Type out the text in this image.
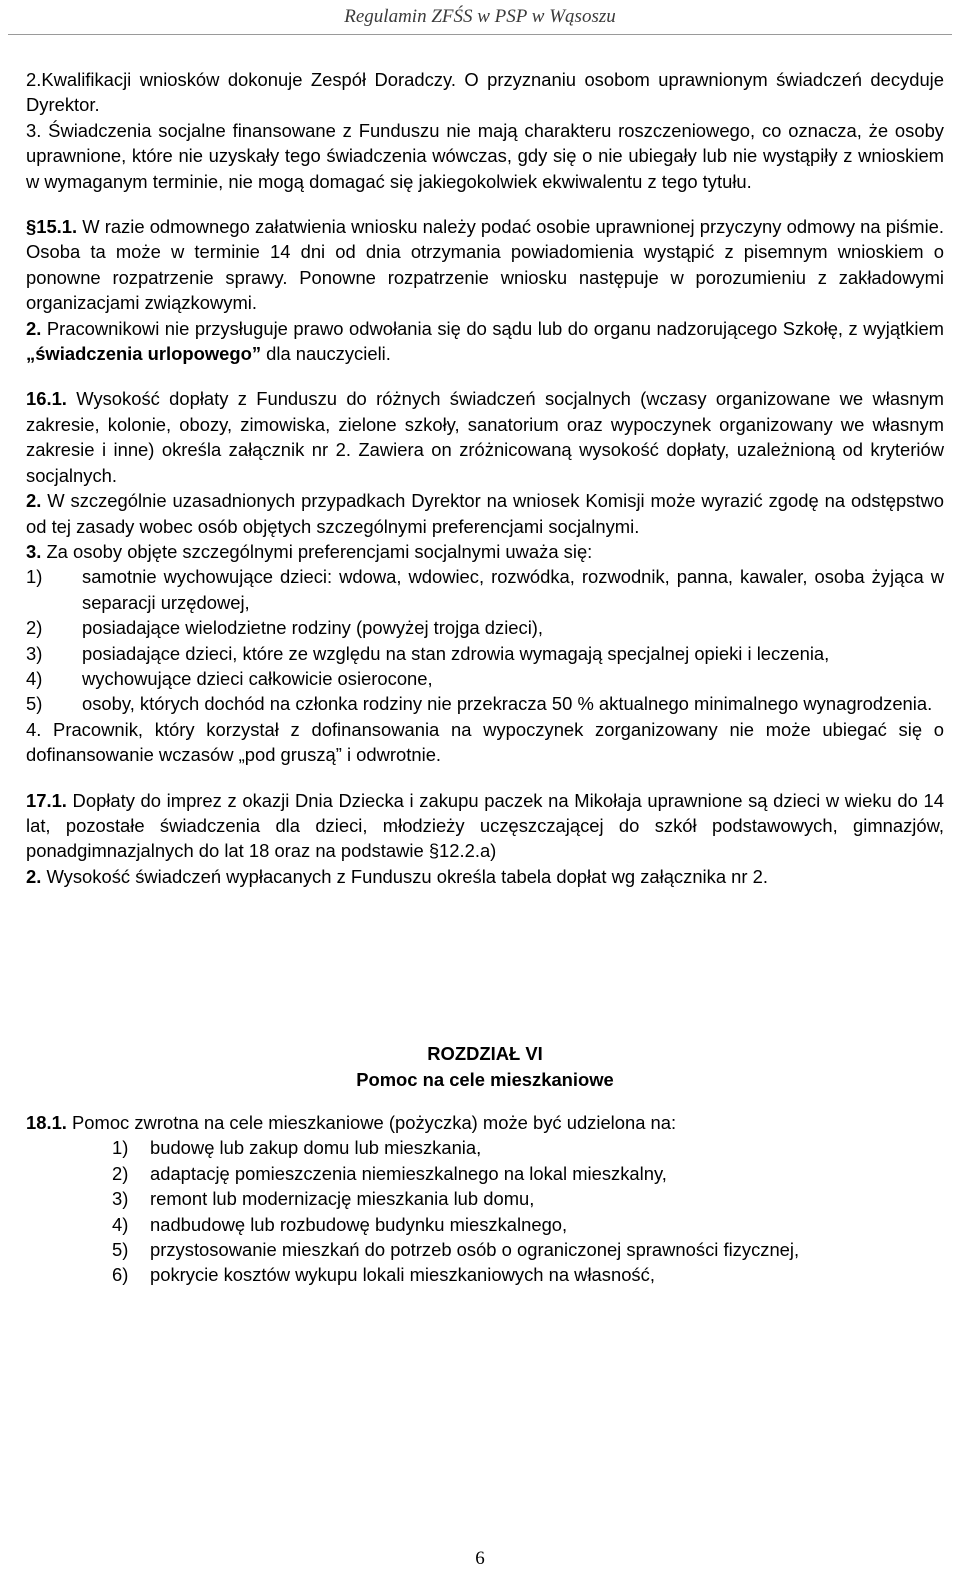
Regulamin ZFŚS w PSP w Wąsoszu

2.Kwalifikacji wniosków dokonuje Zespół Doradczy. O przyznaniu osobom uprawnionym świadczeń decyduje Dyrektor.

3. Świadczenia socjalne finansowane z Funduszu nie mają charakteru roszczeniowego, co oznacza, że osoby uprawnione, które nie uzyskały tego świadczenia wówczas, gdy się o nie ubiegały lub nie wystąpiły z wnioskiem w wymaganym terminie, nie mogą domagać się jakiegokolwiek ekwiwalentu z tego tytułu.

§15.1. W razie odmownego załatwienia wniosku należy podać osobie uprawnionej przyczyny odmowy na piśmie. Osoba ta może w terminie 14 dni od dnia otrzymania powiadomienia wystąpić z pisemnym wnioskiem o ponowne rozpatrzenie sprawy. Ponowne rozpatrzenie wniosku następuje w porozumieniu z zakładowymi organizacjami związkowymi.

2. Pracownikowi nie przysługuje prawo odwołania się do sądu lub do organu nadzorującego Szkołę, z wyjątkiem „świadczenia urlopowego” dla nauczycieli.

16.1. Wysokość dopłaty z Funduszu do różnych świadczeń socjalnych (wczasy organizowane we własnym zakresie, kolonie, obozy, zimowiska, zielone szkoły, sanatorium oraz wypoczynek organizowany we własnym zakresie i inne) określa załącznik nr 2. Zawiera on zróżnicowaną wysokość dopłaty, uzależnioną od kryteriów socjalnych.

2. W szczególnie uzasadnionych przypadkach Dyrektor na wniosek Komisji może wyrazić zgodę na odstępstwo od tej zasady wobec osób objętych szczególnymi preferencjami socjalnymi.

3. Za osoby objęte szczególnymi preferencjami socjalnymi uważa się:

1)	samotnie wychowujące dzieci: wdowa, wdowiec, rozwódka, rozwodnik, panna, kawaler, osoba żyjąca w separacji urzędowej,
2)	posiadające wielodzietne rodziny (powyżej trojga dzieci),
3)	posiadające dzieci, które ze względu na stan zdrowia wymagają specjalnej opieki i leczenia,
4)	wychowujące dzieci całkowicie osierocone,
5)	osoby, których dochód na członka rodziny nie przekracza 50 % aktualnego minimalnego wynagrodzenia.

4. Pracownik, który korzystał z dofinansowania na wypoczynek zorganizowany nie może ubiegać się o dofinansowanie wczasów „pod gruszą” i odwrotnie.

17.1. Dopłaty do imprez z okazji Dnia Dziecka i zakupu paczek na Mikołaja uprawnione są dzieci w wieku do 14 lat, pozostałe świadczenia dla dzieci, młodzieży uczęszczającej do szkół podstawowych, gimnazjów, ponadgimnazjalnych do lat 18 oraz na podstawie §12.2.a)

2. Wysokość świadczeń wypłacanych z Funduszu określa tabela dopłat wg załącznika nr 2.

ROZDZIAŁ VI

Pomoc na cele mieszkaniowe

18.1. Pomoc zwrotna na cele mieszkaniowe (pożyczka) może być udzielona na:

1)	budowę lub zakup domu lub mieszkania,
2)	adaptację pomieszczenia niemieszkalnego na lokal mieszkalny,
3)	remont lub modernizację mieszkania lub domu,
4)	nadbudowę lub rozbudowę budynku mieszkalnego,
5)	przystosowanie mieszkań do potrzeb osób o ograniczonej sprawności fizycznej,
6)	pokrycie kosztów wykupu lokali mieszkaniowych na własność,
6
